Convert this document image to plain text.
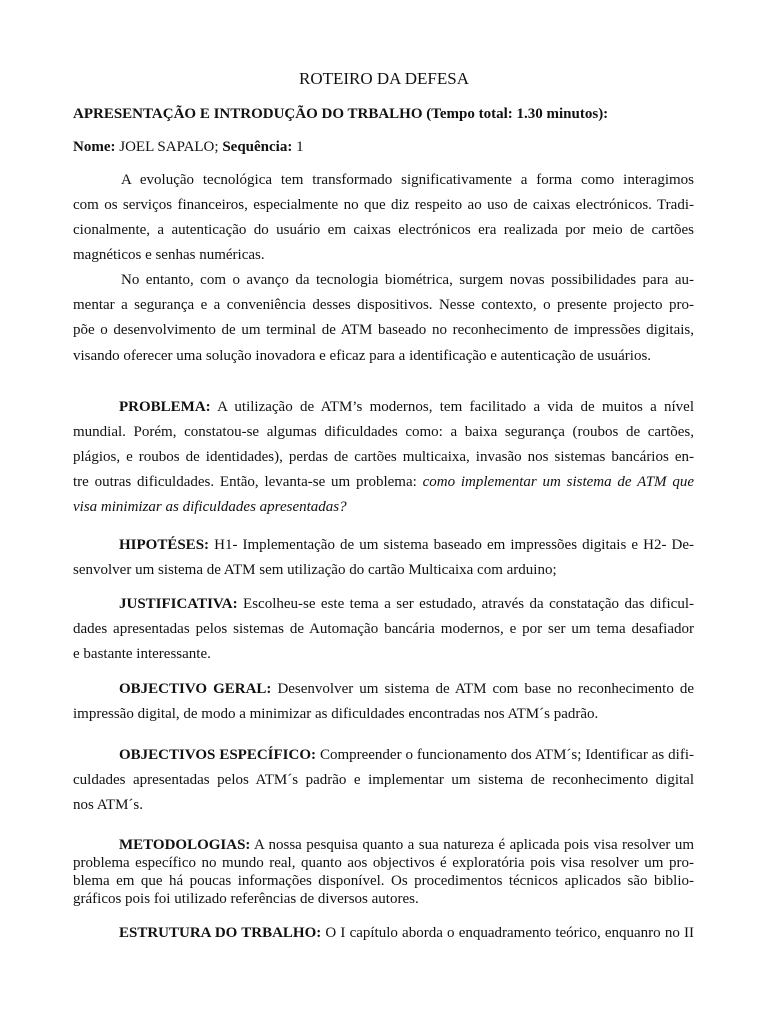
ROTEIRO DA DEFESA
APRESENTAÇÃO E INTRODUÇÃO DO TRBALHO (Tempo total: 1.30 minutos):
Nome: JOEL SAPALO; Sequência: 1
A evolução tecnológica tem transformado significativamente a forma como interagimos
com os serviços financeiros, especialmente no que diz respeito ao uso de caixas electrónicos. Tradi-
cionalmente, a autenticação do usuário em caixas electrónicos era realizada por meio de cartões
magnéticos e senhas numéricas.
No entanto, com o avanço da tecnologia biométrica, surgem novas possibilidades para au-
mentar a segurança e a conveniência desses dispositivos. Nesse contexto, o presente projecto pro-
põe o desenvolvimento de um terminal de ATM baseado no reconhecimento de impressões digitais,
visando oferecer uma solução inovadora e eficaz para a identificação e autenticação de usuários.
PROBLEMA: A utilização de ATM’s modernos, tem facilitado a vida de muitos a nível
mundial. Porém, constatou-se algumas dificuldades como: a baixa segurança (roubos de cartões,
plágios, e roubos de identidades), perdas de cartões multicaixa, invasão nos sistemas bancários en-
tre outras dificuldades. Então, levanta-se um problema: como implementar um sistema de ATM que
visa minimizar as dificuldades apresentadas?
HIPOTÉSES: H1- Implementação de um sistema baseado em impressões digitais e H2- De-
senvolver um sistema de ATM sem utilização do cartão Multicaixa com arduino;
JUSTIFICATIVA: Escolheu-se este tema a ser estudado, através da constatação das dificul-
dades apresentadas pelos sistemas de Automação bancária modernos, e por ser um tema desafiador
e bastante interessante.
OBJECTIVO GERAL: Desenvolver um sistema de ATM com base no reconhecimento de
impressão digital, de modo a minimizar as dificuldades encontradas nos ATM´s padrão.
OBJECTIVOS ESPECÍFICO: Compreender o funcionamento dos ATM´s; Identificar as difi-
culdades apresentadas pelos ATM´s padrão e implementar um sistema de reconhecimento digital
nos ATM´s.
METODOLOGIAS: A nossa pesquisa quanto a sua natureza é aplicada pois visa resolver um
problema específico no mundo real, quanto aos objectivos é exploratória pois visa resolver um pro-
blema em que há poucas informações disponível. Os procedimentos técnicos aplicados são biblio-
gráficos pois foi utilizado referências de diversos autores.
ESTRUTURA DO TRBALHO: O I capítulo aborda o enquadramento teórico, enquanro no II
